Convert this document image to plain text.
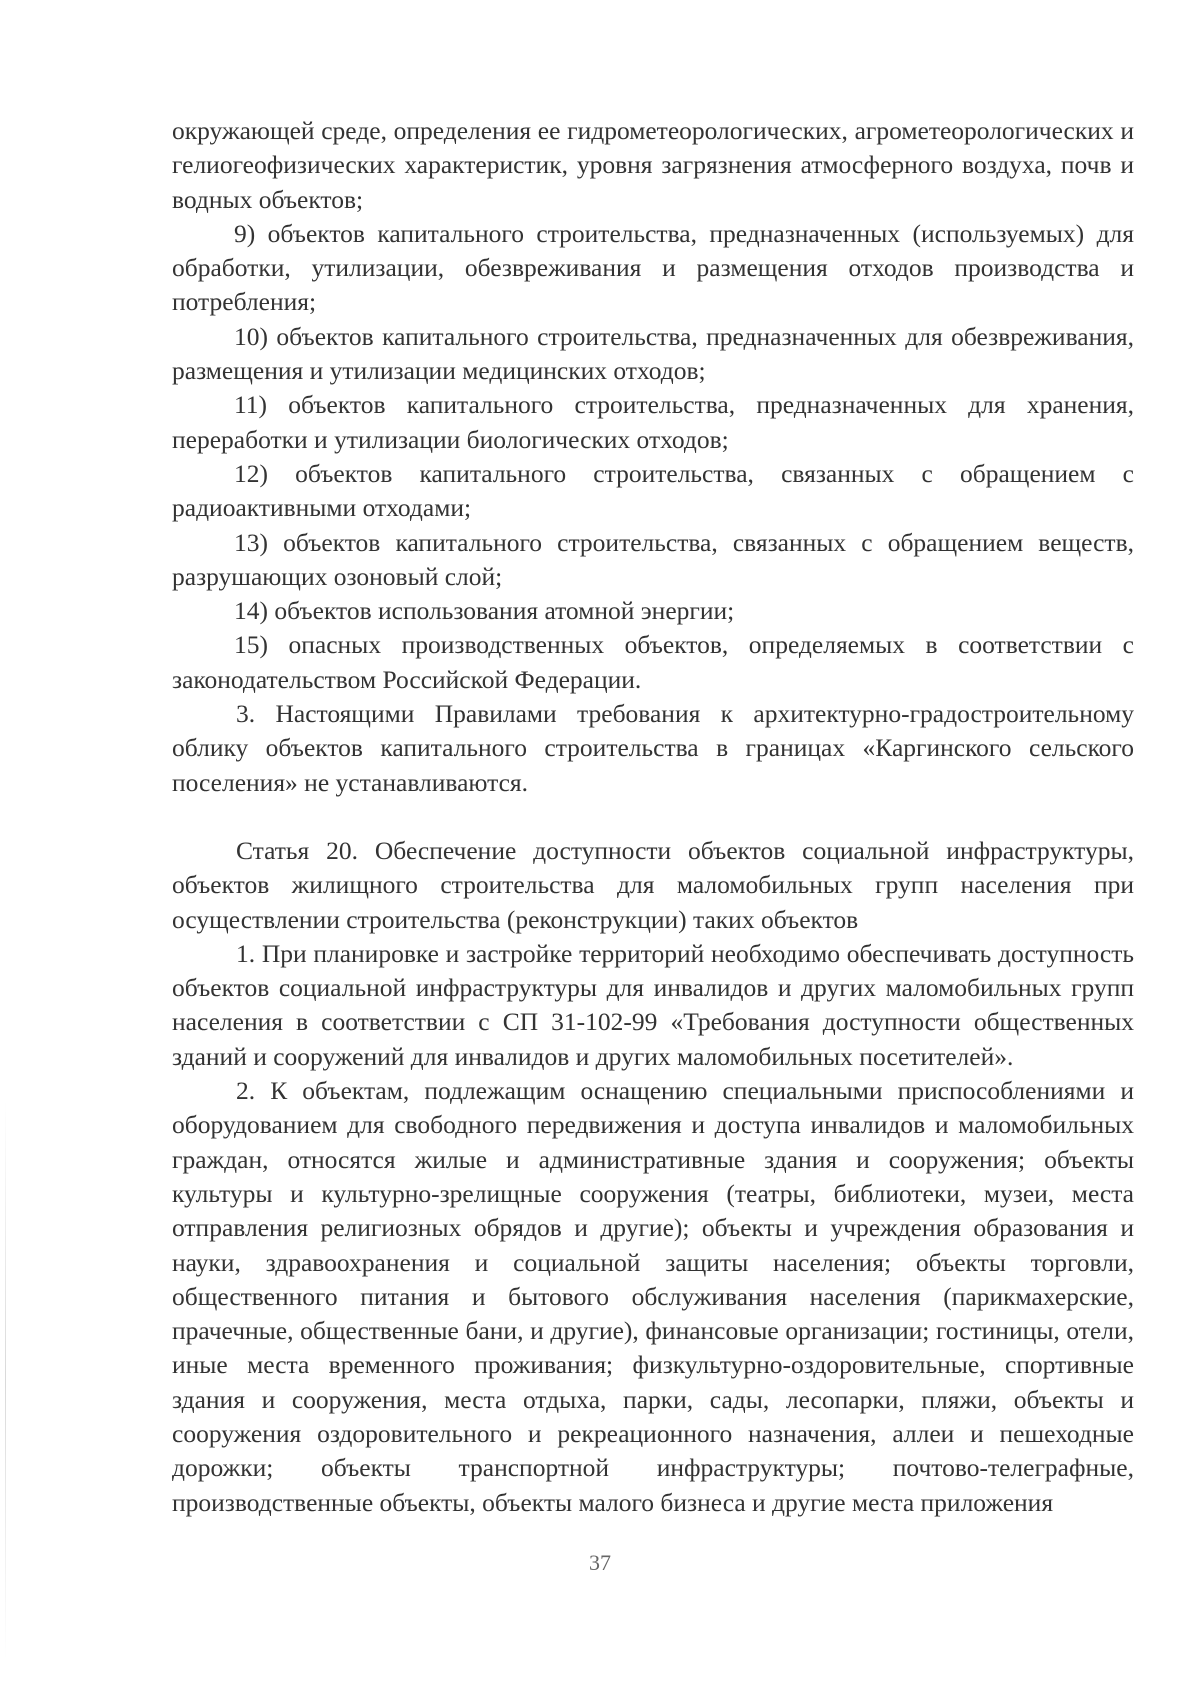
окружающей среде, определения ее гидрометеорологических, агрометеорологических и гелиогеофизических характеристик, уровня загрязнения атмосферного воздуха, почв и водных объектов;

9) объектов капитального строительства, предназначенных (используемых) для обработки, утилизации, обезвреживания и размещения отходов производства и потребления;

10) объектов капитального строительства, предназначенных для обезвреживания, размещения и утилизации медицинских отходов;

11) объектов капитального строительства, предназначенных для хранения, переработки и утилизации биологических отходов;

12) объектов капитального строительства, связанных с обращением с радиоактивными отходами;

13) объектов капитального строительства, связанных с обращением веществ, разрушающих озоновый слой;

14) объектов использования атомной энергии;

15) опасных производственных объектов, определяемых в соответствии с законодательством Российской Федерации.

3. Настоящими Правилами требования к архитектурно-градостроительному облику объектов капитального строительства в границах «Каргинского сельского поселения» не устанавливаются.

Статья 20. Обеспечение доступности объектов социальной инфраструктуры, объектов жилищного строительства для маломобильных групп населения при осуществлении строительства (реконструкции) таких объектов

1. При планировке и застройке территорий необходимо обеспечивать доступность объектов социальной инфраструктуры для инвалидов и других маломобильных групп населения в соответствии с СП 31-102-99 «Требования доступности общественных зданий и сооружений для инвалидов и других маломобильных посетителей».

2. К объектам, подлежащим оснащению специальными приспособлениями и оборудованием для свободного передвижения и доступа инвалидов и маломобильных граждан, относятся жилые и административные здания и сооружения; объекты культуры и культурно-зрелищные сооружения (театры, библиотеки, музеи, места отправления религиозных обрядов и другие); объекты и учреждения образования и науки, здравоохранения и социальной защиты населения; объекты торговли, общественного питания и бытового обслуживания населения (парикмахерские, прачечные, общественные бани, и другие), финансовые организации; гостиницы, отели, иные места временного проживания; физкультурно-оздоровительные, спортивные здания и сооружения, места отдыха, парки, сады, лесопарки, пляжи, объекты и сооружения оздоровительного и рекреационного назначения, аллеи и пешеходные дорожки; объекты транспортной инфраструктуры; почтово-телеграфные, производственные объекты, объекты малого бизнеса и другие места приложения

37
